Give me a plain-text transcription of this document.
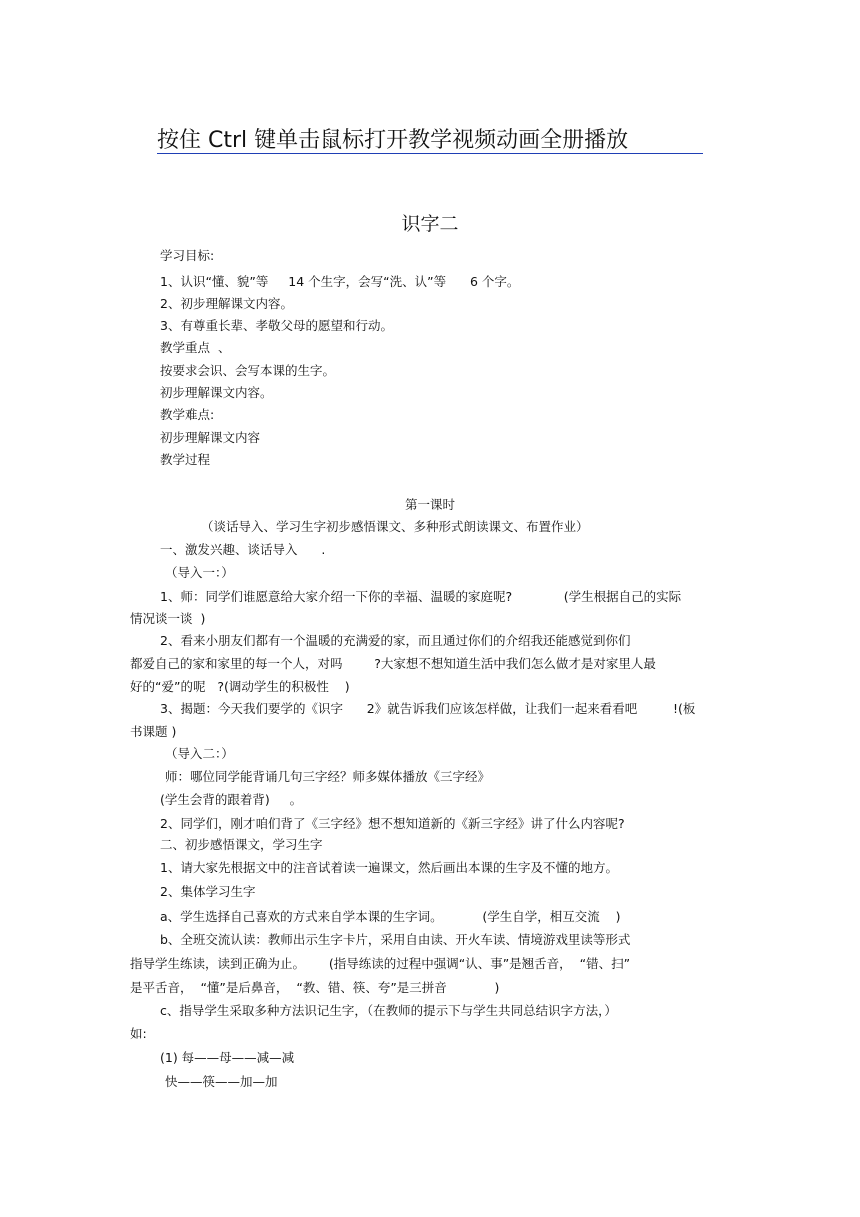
按住 Ctrl 键单击鼠标打开教学视频动画全册播放
识字二
学习目标:
1、认识“懂、貌”等     14 个生字，会写“洗、认”等      6 个字。
2、初步理解课文内容。
3、有尊重长辈、孝敬父母的愿望和行动。
教学重点  、
按要求会识、会写本课的生字。
初步理解课文内容。
教学难点:
初步理解课文内容
教学过程
第一课时
（谈话导入、学习生字初步感悟课文、多种形式朗读课文、布置作业）
一、激发兴趣、谈话导入      .
（导入一：）
1、师：同学们谁愿意给大家介绍一下你的幸福、温暖的家庭呢?             (学生根据自己的实际
情况谈一谈  )
2、看来小朋友们都有一个温暖的充满爱的家，而且通过你们的介绍我还能感觉到你们
都爱自己的家和家里的每一个人，对吗        ?大家想不想知道生活中我们怎么做才是对家里人最
好的“爱”的呢   ?(调动学生的积极性    )
3、揭题：今天我们要学的《识字      2》就告诉我们应该怎样做，让我们一起来看看吧         !(板
书课题 )
（导入二：）
师：哪位同学能背诵几句三字经？师多媒体播放《三字经》
(学生会背的跟着背)     。
2、同学们，刚才咱们背了《三字经》想不想知道新的《新三字经》讲了什么内容呢?
二、初步感悟课文，学习生字
1、请大家先根据文中的注音试着读一遍课文，然后画出本课的生字及不懂的地方。
2、集体学习生字
a、学生选择自己喜欢的方式来自学本课的生字词。          (学生自学，相互交流    )
b、全班交流认读：教师出示生字卡片，采用自由读、开火车读、情境游戏里读等形式
指导学生练读，读到正确为止。      (指导练读的过程中强调“认、事”是翘舌音，  “错、扫”
是平舌音，  “懂”是后鼻音，  “教、错、筷、夸”是三拼音            )
c、指导学生采取多种方法识记生字，（在教师的提示下与学生共同总结识字方法，）
如:
(1) 每——母——减—减
快——筷——加—加
